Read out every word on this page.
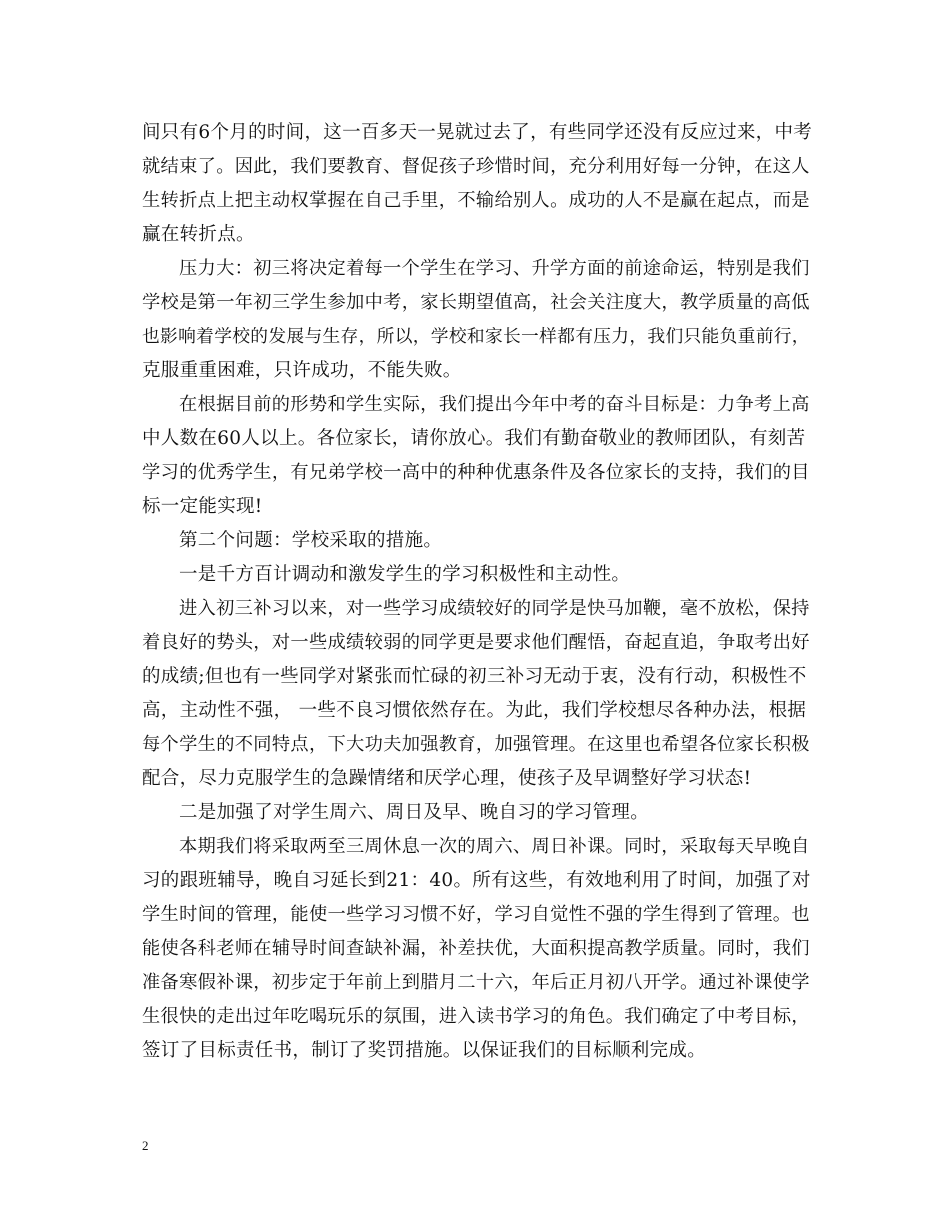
间只有6个月的时间，这一百多天一晃就过去了，有些同学还没有反应过来，中考
就结束了。因此，我们要教育、督促孩子珍惜时间，充分利用好每一分钟，在这人
生转折点上把主动权掌握在自己手里，不输给别人。成功的人不是赢在起点，而是
赢在转折点。
压力大：初三将决定着每一个学生在学习、升学方面的前途命运，特别是我们
学校是第一年初三学生参加中考，家长期望值高，社会关注度大，教学质量的高低
也影响着学校的发展与生存，所以，学校和家长一样都有压力，我们只能负重前行，
克服重重困难，只许成功，不能失败。
在根据目前的形势和学生实际，我们提出今年中考的奋斗目标是：力争考上高
中人数在60人以上。各位家长，请你放心。我们有勤奋敬业的教师团队，有刻苦
学习的优秀学生，有兄弟学校一高中的种种优惠条件及各位家长的支持，我们的目
标一定能实现!
第二个问题：学校采取的措施。
一是千方百计调动和激发学生的学习积极性和主动性。
进入初三补习以来，对一些学习成绩较好的同学是快马加鞭，毫不放松，保持
着良好的势头，对一些成绩较弱的同学更是要求他们醒悟，奋起直追，争取考出好
的成绩;但也有一些同学对紧张而忙碌的初三补习无动于衷，没有行动，积极性不
高，主动性不强， 一些不良习惯依然存在。为此，我们学校想尽各种办法，根据
每个学生的不同特点，下大功夫加强教育，加强管理。在这里也希望各位家长积极
配合，尽力克服学生的急躁情绪和厌学心理，使孩子及早调整好学习状态!
二是加强了对学生周六、周日及早、晚自习的学习管理。
本期我们将采取两至三周休息一次的周六、周日补课。同时，采取每天早晚自
习的跟班辅导，晚自习延长到21：40。所有这些，有效地利用了时间，加强了对
学生时间的管理，能使一些学习习惯不好，学习自觉性不强的学生得到了管理。也
能使各科老师在辅导时间查缺补漏，补差扶优，大面积提高教学质量。同时，我们
准备寒假补课，初步定于年前上到腊月二十六，年后正月初八开学。通过补课使学
生很快的走出过年吃喝玩乐的氛围，进入读书学习的角色。我们确定了中考目标，
签订了目标责任书，制订了奖罚措施。以保证我们的目标顺利完成。
2
